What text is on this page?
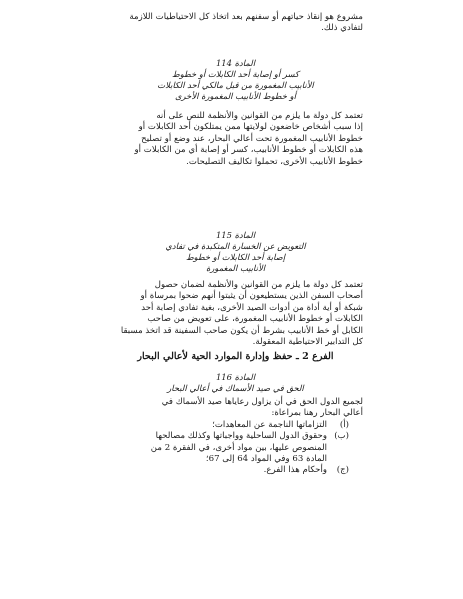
مشروع هو إنقاذ حياتهم أو سفنهم بعد اتخاذ كل الاحتياطيات اللازمة
لتفادي ذلك.
المادة 114
كسر أو إصابة أحد الكابلات أو خطوط
الأنابيب المغمورة من قبل مالكي أحد الكابلات
أو خطوط الأنابيب المغمورة الأخرى
تعتمد كل دولة ما يلزم من القوانين والأنظمة للنص على أنه
إذا سبب أشخاص خاضعون لولايتها ممن يمتلكون أحد الكابلات أو
خطوط الأنابيب المغمورة تحت أعالي البحار، عند وضع أو تصليح
هذه الكابلات أو خطوط الأنابيب، كسر أو إصابة أي من الكابلات أو
خطوط الأنابيب الأخرى، تحملوا تكاليف التصليحات.
المادة 115
التعويض عن الخسارة المتكبدة في تفادي
إصابة أحد الكابلات أو خطوط
الأنابيب المغمورة
تعتمد كل دولة ما يلزم من القوانين والأنظمة لضمان حصول
أصحاب السفن الذين يستطيعون أن يثبتوا أنهم ضحوا بمرساة أو
شبكة أو أية أداة من أدوات الصيد الأخرى، بغية تفادي إصابة أحد
الكابلات أو خطوط الأنابيب المغمورة، على تعويض من صاحب
الكابل أو خط الأنابيب بشرط أن يكون صاحب السفينة قد اتخذ مسبقا
كل التدابير الاحتياطية المعقولة.
الفرع 2 ـ حفظ وإدارة الموارد الحية لأعالي البحار
المادة 116
الحق في صيد الأسماك في أعالي البحار
لجميع الدول الحق في أن يزاول رعاياها صيد الأسماك في
أعالي البحار رهنا بمراعاة:
(أ)
التزاماتها الناجمة عن المعاهدات؛
(ب)
وحقوق الدول الساحلية وواجباتها وكذلك مصالحها
المنصوص عليها، بين مواد أخرى، في الفقرة 2 من
المادة 63 وفي المواد 64 إلى 67؛
(ج)
وأحكام هذا الفرع.
